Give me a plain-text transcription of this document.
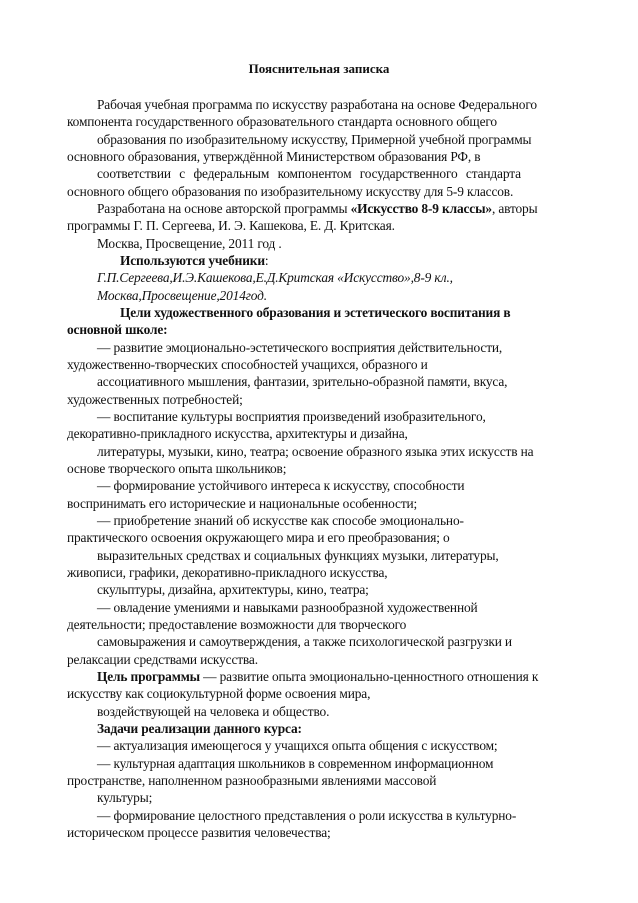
Пояснительная записка
Рабочая учебная программа по искусству разработана на основе Федерального
компонента государственного образовательного стандарта основного общего
образования по изобразительному искусству, Примерной учебной программы
основного образования, утверждённой Министерством образования РФ, в
соответствии с федеральным компонентом государственного стандарта
основного общего образования по изобразительному искусству для 5-9 классов.
Разработана на основе авторской программы «Искусство 8-9 классы», авторы
программы Г. П. Сергеева, И. Э. Кашекова, Е. Д. Критская.
Москва, Просвещение, 2011 год .
Используются учебники:
Г.П.Сергеева,И.Э.Кашекова,Е.Д.Критская «Искусство»,8-9 кл.,
Москва,Просвещение,2014год.
Цели художественного образования и эстетического воспитания в
основной школе:
— развитие эмоционально-эстетического восприятия действительности,
художественно-творческих способностей учащихся, образного и
ассоциативного мышления, фантазии, зрительно-образной памяти, вкуса,
художественных потребностей;
— воспитание культуры восприятия произведений изобразительного,
декоративно-прикладного искусства, архитектуры и дизайна,
литературы, музыки, кино, театра; освоение образного языка этих искусств на
основе творческого опыта школьников;
— формирование устойчивого интереса к искусству, способности
воспринимать его исторические и национальные особенности;
— приобретение знаний об искусстве как способе эмоционально-
практического освоения окружающего мира и его преобразования; о
выразительных средствах и социальных функциях музыки, литературы,
живописи, графики, декоративно-прикладного искусства,
скульптуры, дизайна, архитектуры, кино, театра;
— овладение умениями и навыками разнообразной художественной
деятельности; предоставление возможности для творческого
самовыражения и самоутверждения, а также психологической разгрузки и
релаксации средствами искусства.
Цель программы — развитие опыта эмоционально-ценностного отношения к
искусству как социокультурной форме освоения мира,
воздействующей на человека и общество.
Задачи реализации данного курса:
— актуализация имеющегося у учащихся опыта общения с искусством;
— культурная адаптация школьников в современном информационном
пространстве, наполненном разнообразными явлениями массовой
культуры;
— формирование целостного представления о роли искусства в культурно-
историческом процессе развития человечества;
